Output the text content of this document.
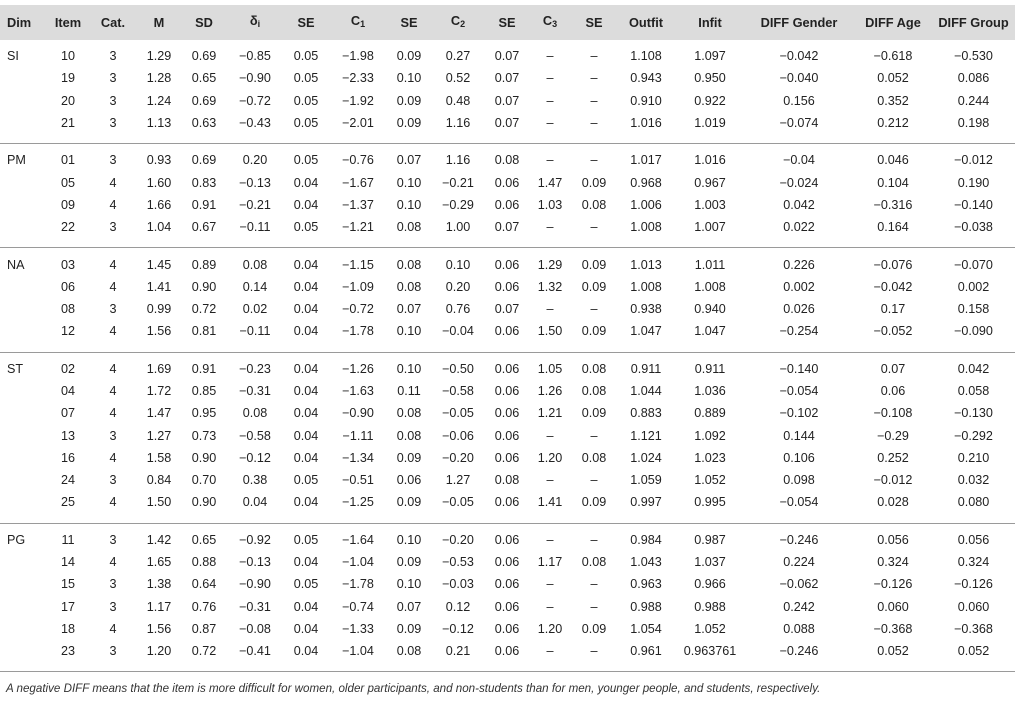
Dim	Item	Cat.	M	SD	$\delta_i$	SE	$C_1$	SE	$C_2$	SE	$C_3$	SE	Outfit	Infit	DIFF Gender	DIFF Age	DIFF Group

SI	10	3	1.29	0.69	−0.85	0.05	−1.98	0.09	0.27	0.07	–	–	1.108	1.097	−0.042	−0.618	−0.530
	19	3	1.28	0.65	−0.90	0.05	−2.33	0.10	0.52	0.07	–	–	0.943	0.950	−0.040	0.052	0.086
	20	3	1.24	0.69	−0.72	0.05	−1.92	0.09	0.48	0.07	–	–	0.910	0.922	0.156	0.352	0.244
	21	3	1.13	0.63	−0.43	0.05	−2.01	0.09	1.16	0.07	–	–	1.016	1.019	−0.074	0.212	0.198

PM	01	3	0.93	0.69	0.20	0.05	−0.76	0.07	1.16	0.08	–	–	1.017	1.016	−0.04	0.046	−0.012
	05	4	1.60	0.83	−0.13	0.04	−1.67	0.10	−0.21	0.06	1.47	0.09	0.968	0.967	−0.024	0.104	0.190
	09	4	1.66	0.91	−0.21	0.04	−1.37	0.10	−0.29	0.06	1.03	0.08	1.006	1.003	0.042	−0.316	−0.140
	22	3	1.04	0.67	−0.11	0.05	−1.21	0.08	1.00	0.07	–	–	1.008	1.007	0.022	0.164	−0.038

NA	03	4	1.45	0.89	0.08	0.04	−1.15	0.08	0.10	0.06	1.29	0.09	1.013	1.011	0.226	−0.076	−0.070
	06	4	1.41	0.90	0.14	0.04	−1.09	0.08	0.20	0.06	1.32	0.09	1.008	1.008	0.002	−0.042	0.002
	08	3	0.99	0.72	0.02	0.04	−0.72	0.07	0.76	0.07	–	–	0.938	0.940	0.026	0.17	0.158
	12	4	1.56	0.81	−0.11	0.04	−1.78	0.10	−0.04	0.06	1.50	0.09	1.047	1.047	−0.254	−0.052	−0.090

ST	02	4	1.69	0.91	−0.23	0.04	−1.26	0.10	−0.50	0.06	1.05	0.08	0.911	0.911	−0.140	0.07	0.042
	04	4	1.72	0.85	−0.31	0.04	−1.63	0.11	−0.58	0.06	1.26	0.08	1.044	1.036	−0.054	0.06	0.058
	07	4	1.47	0.95	0.08	0.04	−0.90	0.08	−0.05	0.06	1.21	0.09	0.883	0.889	−0.102	−0.108	−0.130
	13	3	1.27	0.73	−0.58	0.04	−1.11	0.08	−0.06	0.06	–	–	1.121	1.092	0.144	−0.29	−0.292
	16	4	1.58	0.90	−0.12	0.04	−1.34	0.09	−0.20	0.06	1.20	0.08	1.024	1.023	0.106	0.252	0.210
	24	3	0.84	0.70	0.38	0.05	−0.51	0.06	1.27	0.08	–	–	1.059	1.052	0.098	−0.012	0.032
	25	4	1.50	0.90	0.04	0.04	−1.25	0.09	−0.05	0.06	1.41	0.09	0.997	0.995	−0.054	0.028	0.080

PG	11	3	1.42	0.65	−0.92	0.05	−1.64	0.10	−0.20	0.06	–	–	0.984	0.987	−0.246	0.056	0.056
	14	4	1.65	0.88	−0.13	0.04	−1.04	0.09	−0.53	0.06	1.17	0.08	1.043	1.037	0.224	0.324	0.324
	15	3	1.38	0.64	−0.90	0.05	−1.78	0.10	−0.03	0.06	–	–	0.963	0.966	−0.062	−0.126	−0.126
	17	3	1.17	0.76	−0.31	0.04	−0.74	0.07	0.12	0.06	–	–	0.988	0.988	0.242	0.060	0.060
	18	4	1.56	0.87	−0.08	0.04	−1.33	0.09	−0.12	0.06	1.20	0.09	1.054	1.052	0.088	−0.368	−0.368
	23	3	1.20	0.72	−0.41	0.04	−1.04	0.08	0.21	0.06	–	–	0.961	0.963761	−0.246	0.052	0.052

A negative DIFF means that the item is more difficult for women, older participants, and non-students than for men, younger people, and students, respectively.
